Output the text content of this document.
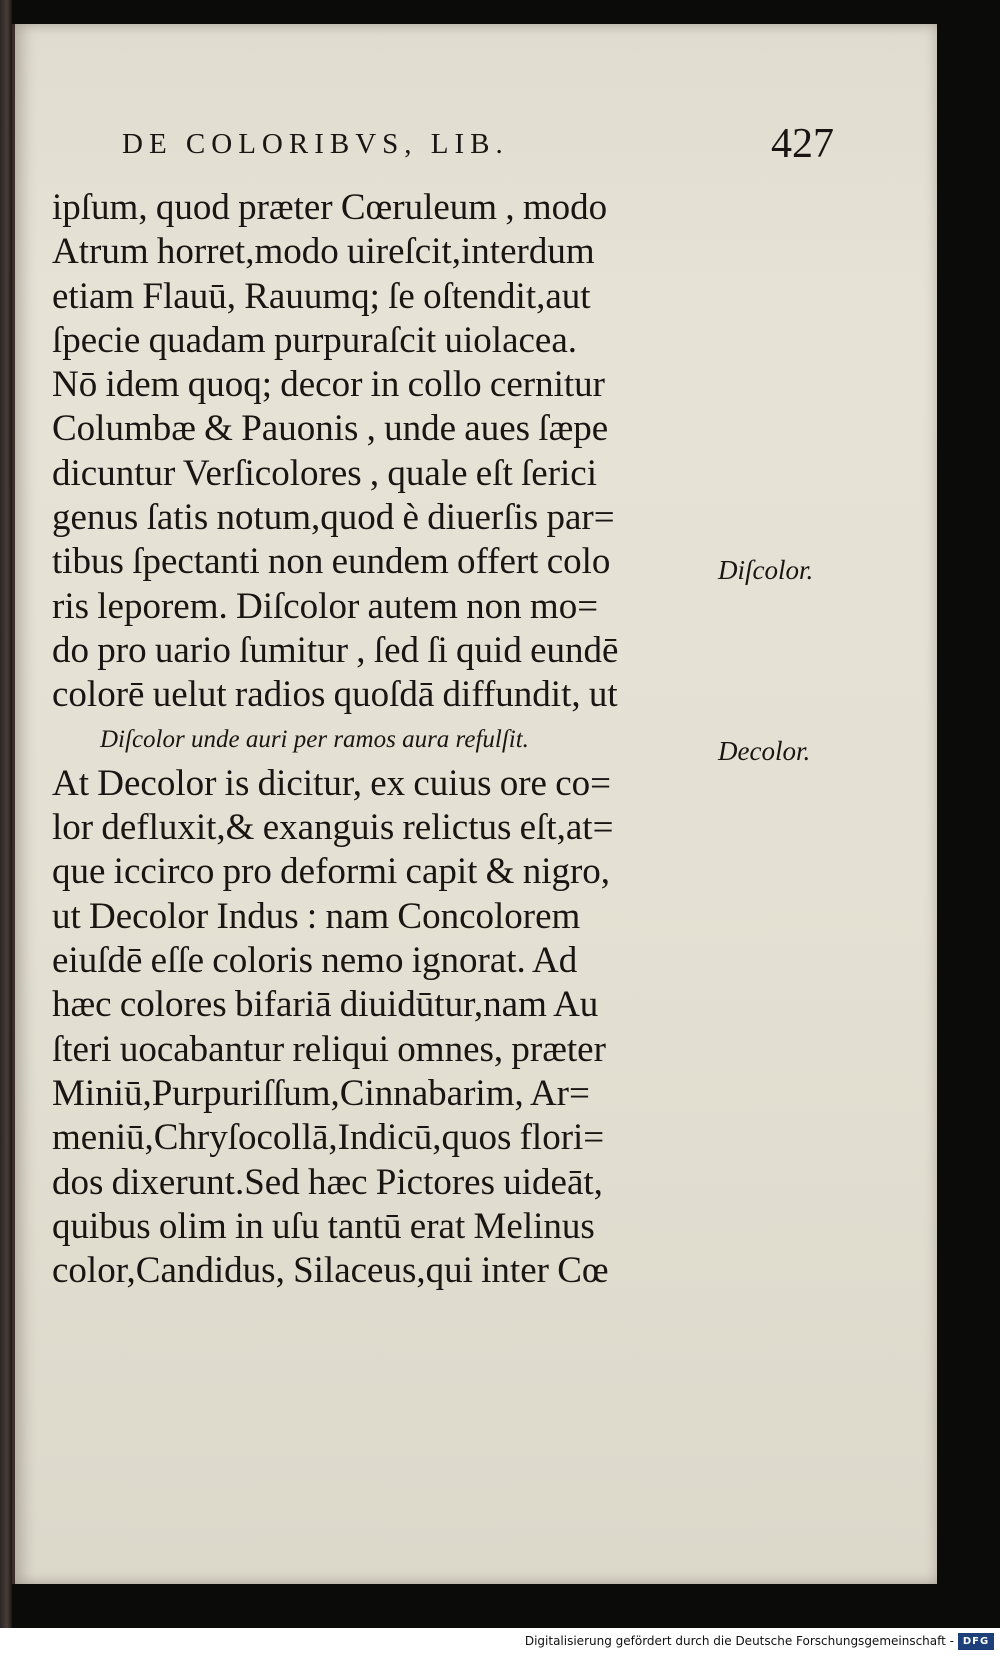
DE COLORIBVS, LIB.	427
ipſum, quod præter Cœruleum , modo
Atrum horret,modo uireſcit,interdum
etiam Flauū, Rauumq; ſe oſtendit,aut
ſpecie quadam purpuraſcit uiolacea.
Nō idem quoq; decor in collo cernitur
Columbæ & Pauonis , unde aues ſæpe
dicuntur Verſicolores , quale eſt ſerici
genus ſatis notum,quod è diuerſis par=
tibus ſpectanti non eundem offert colo
ris leporem. Diſcolor autem non mo=
do pro uario ſumitur , ſed ſi quid eundē
colorē uelut radios quoſdā diffundit, ut
Diſcolor unde auri per ramos aura refulſit.
At Decolor is dicitur, ex cuius ore co=
lor defluxit,& exanguis relictus eſt,at=
que iccirco pro deformi capit & nigro,
ut Decolor Indus : nam Concolorem
eiuſdē eſſe coloris nemo ignorat. Ad
hæc colores bifariā diuidūtur,nam Au
ſteri uocabantur reliqui omnes, præter
Miniū,Purpuriſſum,Cinnabarim, Ar=
meniū,Chryſocollā,Indicū,quos flori=
dos dixerunt.Sed hæc Pictores uideāt,
quibus olim in uſu tantū erat Melinus
color,Candidus, Silaceus,qui inter Cœ
Diſcolor.
Decolor.
Digitalisierung gefördert durch die Deutsche Forschungsgemeinschaft - DFG
